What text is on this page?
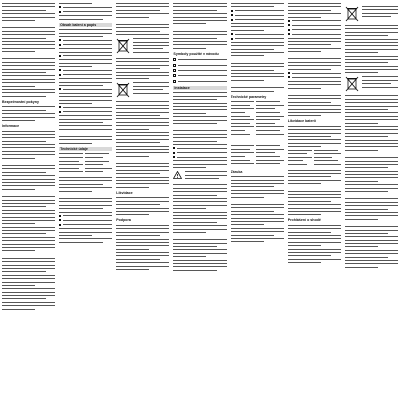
Bezpečnostní pokyny
Informace
Obsah balení a popis
Technické údaje
Likvidace
Podpora
Symboly použité v návodu
Instalace
Technické parametry
Záruka
Likvidace baterií
Prohlášení o shodě
